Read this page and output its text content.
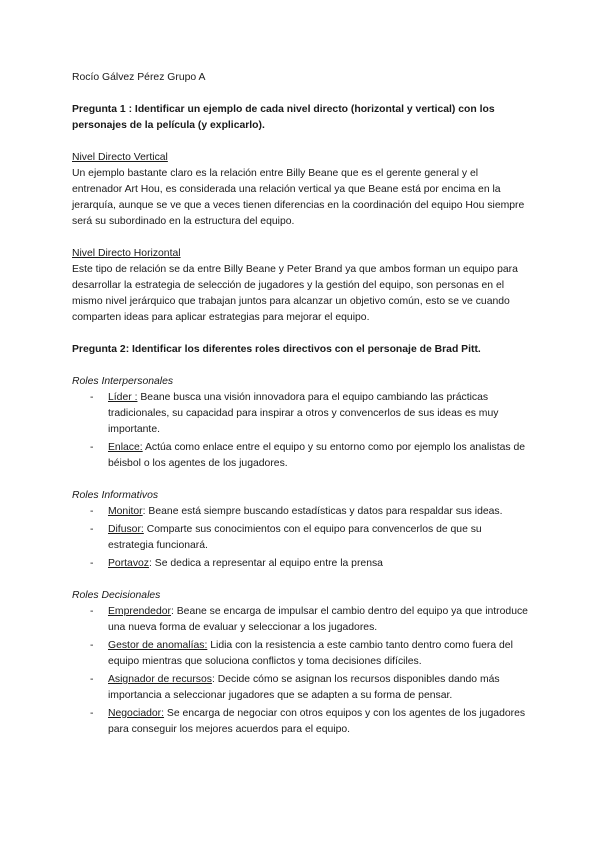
Rocío Gálvez Pérez Grupo A

Pregunta 1 : Identificar un ejemplo de cada nivel directo (horizontal y vertical) con los personajes de la película (y explicarlo).

Nivel Directo Vertical

Un ejemplo bastante claro es la relación entre Billy Beane que es el gerente general y el entrenador Art Hou, es considerada una relación vertical ya que Beane está por encima en la jerarquía, aunque se ve que a veces tienen diferencias en la coordinación del equipo Hou siempre será su subordinado en la estructura del equipo.

Nivel Directo Horizontal

Este tipo de relación se da entre Billy Beane y Peter Brand ya que ambos forman un equipo para desarrollar la estrategia de selección de jugadores y la gestión del equipo, son personas en el mismo nivel jerárquico que trabajan juntos para alcanzar un objetivo común, esto se ve cuando comparten ideas para aplicar estrategias para mejorar el equipo.

Pregunta 2: Identificar los diferentes roles directivos con el personaje de Brad Pitt.

Roles Interpersonales

- Líder : Beane busca una visión innovadora para el equipo cambiando las prácticas tradicionales, su capacidad para inspirar a otros y convencerlos de sus ideas es muy importante.
- Enlace: Actúa como enlace entre el equipo y su entorno como por ejemplo los analistas de béisbol o los agentes de los jugadores.

Roles Informativos

- Monitor: Beane está siempre buscando estadísticas y datos para respaldar sus ideas.
- Difusor: Comparte sus conocimientos con el equipo para convencerlos de que su estrategia funcionará.
- Portavoz: Se dedica a representar al equipo entre la prensa

Roles Decisionales

- Emprendedor: Beane se encarga de impulsar el cambio dentro del equipo ya que introduce una nueva forma de evaluar y seleccionar a los jugadores.
- Gestor de anomalías: Lidia con la resistencia a este cambio tanto dentro como fuera del equipo mientras que soluciona conflictos y toma decisiones difíciles.
- Asignador de recursos: Decide cómo se asignan los recursos disponibles dando más importancia a seleccionar jugadores que se adapten a su forma de pensar.
- Negociador: Se encarga de negociar con otros equipos y con los agentes de los jugadores para conseguir los mejores acuerdos para el equipo.
